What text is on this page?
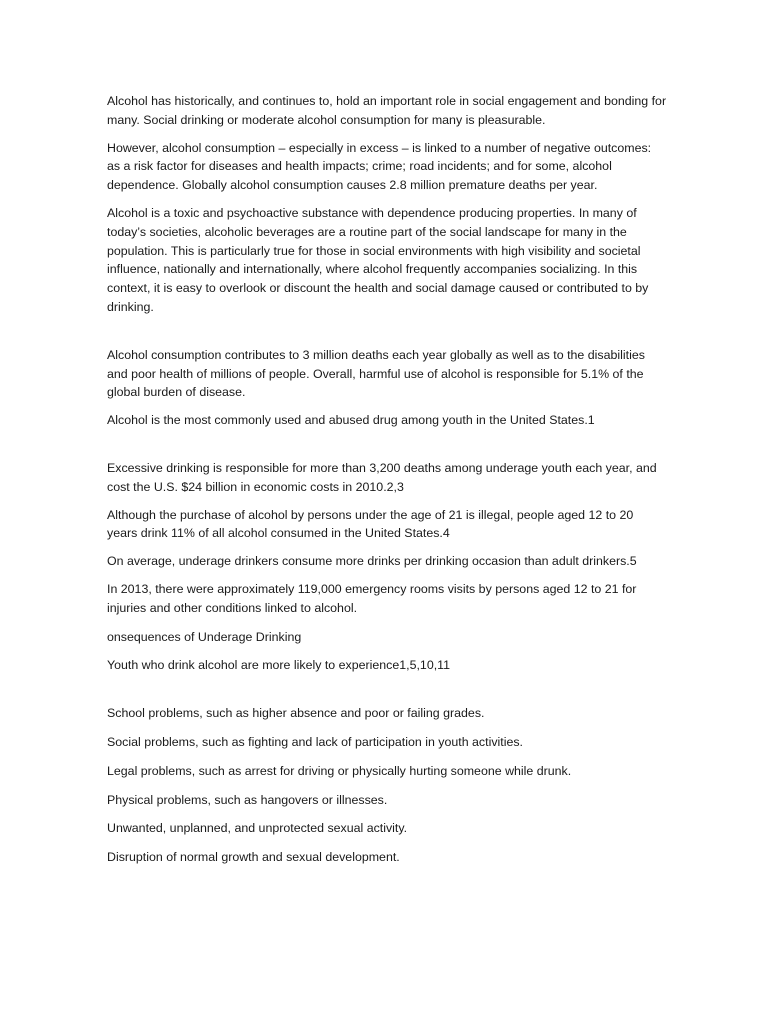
Alcohol has historically, and continues to, hold an important role in social engagement and bonding for many. Social drinking or moderate alcohol consumption for many is pleasurable.

However, alcohol consumption – especially in excess – is linked to a number of negative outcomes: as a risk factor for diseases and health impacts; crime; road incidents; and for some, alcohol dependence. Globally alcohol consumption causes 2.8 million premature deaths per year.

Alcohol is a toxic and psychoactive substance with dependence producing properties. In many of today’s societies, alcoholic beverages are a routine part of the social landscape for many in the population. This is particularly true for those in social environments with high visibility and societal influence, nationally and internationally, where alcohol frequently accompanies socializing. In this context, it is easy to overlook or discount the health and social damage caused or contributed to by drinking.

Alcohol consumption contributes to 3 million deaths each year globally as well as to the disabilities and poor health of millions of people. Overall, harmful use of alcohol is responsible for 5.1% of the global burden of disease.

Alcohol is the most commonly used and abused drug among youth in the United States.1

Excessive drinking is responsible for more than 3,200 deaths among underage youth each year, and cost the U.S. $24 billion in economic costs in 2010.2,3

Although the purchase of alcohol by persons under the age of 21 is illegal, people aged 12 to 20 years drink 11% of all alcohol consumed in the United States.4

On average, underage drinkers consume more drinks per drinking occasion than adult drinkers.5

In 2013, there were approximately 119,000 emergency rooms visits by persons aged 12 to 21 for injuries and other conditions linked to alcohol.

onsequences of Underage Drinking

Youth who drink alcohol are more likely to experience1,5,10,11

School problems, such as higher absence and poor or failing grades.

Social problems, such as fighting and lack of participation in youth activities.

Legal problems, such as arrest for driving or physically hurting someone while drunk.

Physical problems, such as hangovers or illnesses.

Unwanted, unplanned, and unprotected sexual activity.

Disruption of normal growth and sexual development.
